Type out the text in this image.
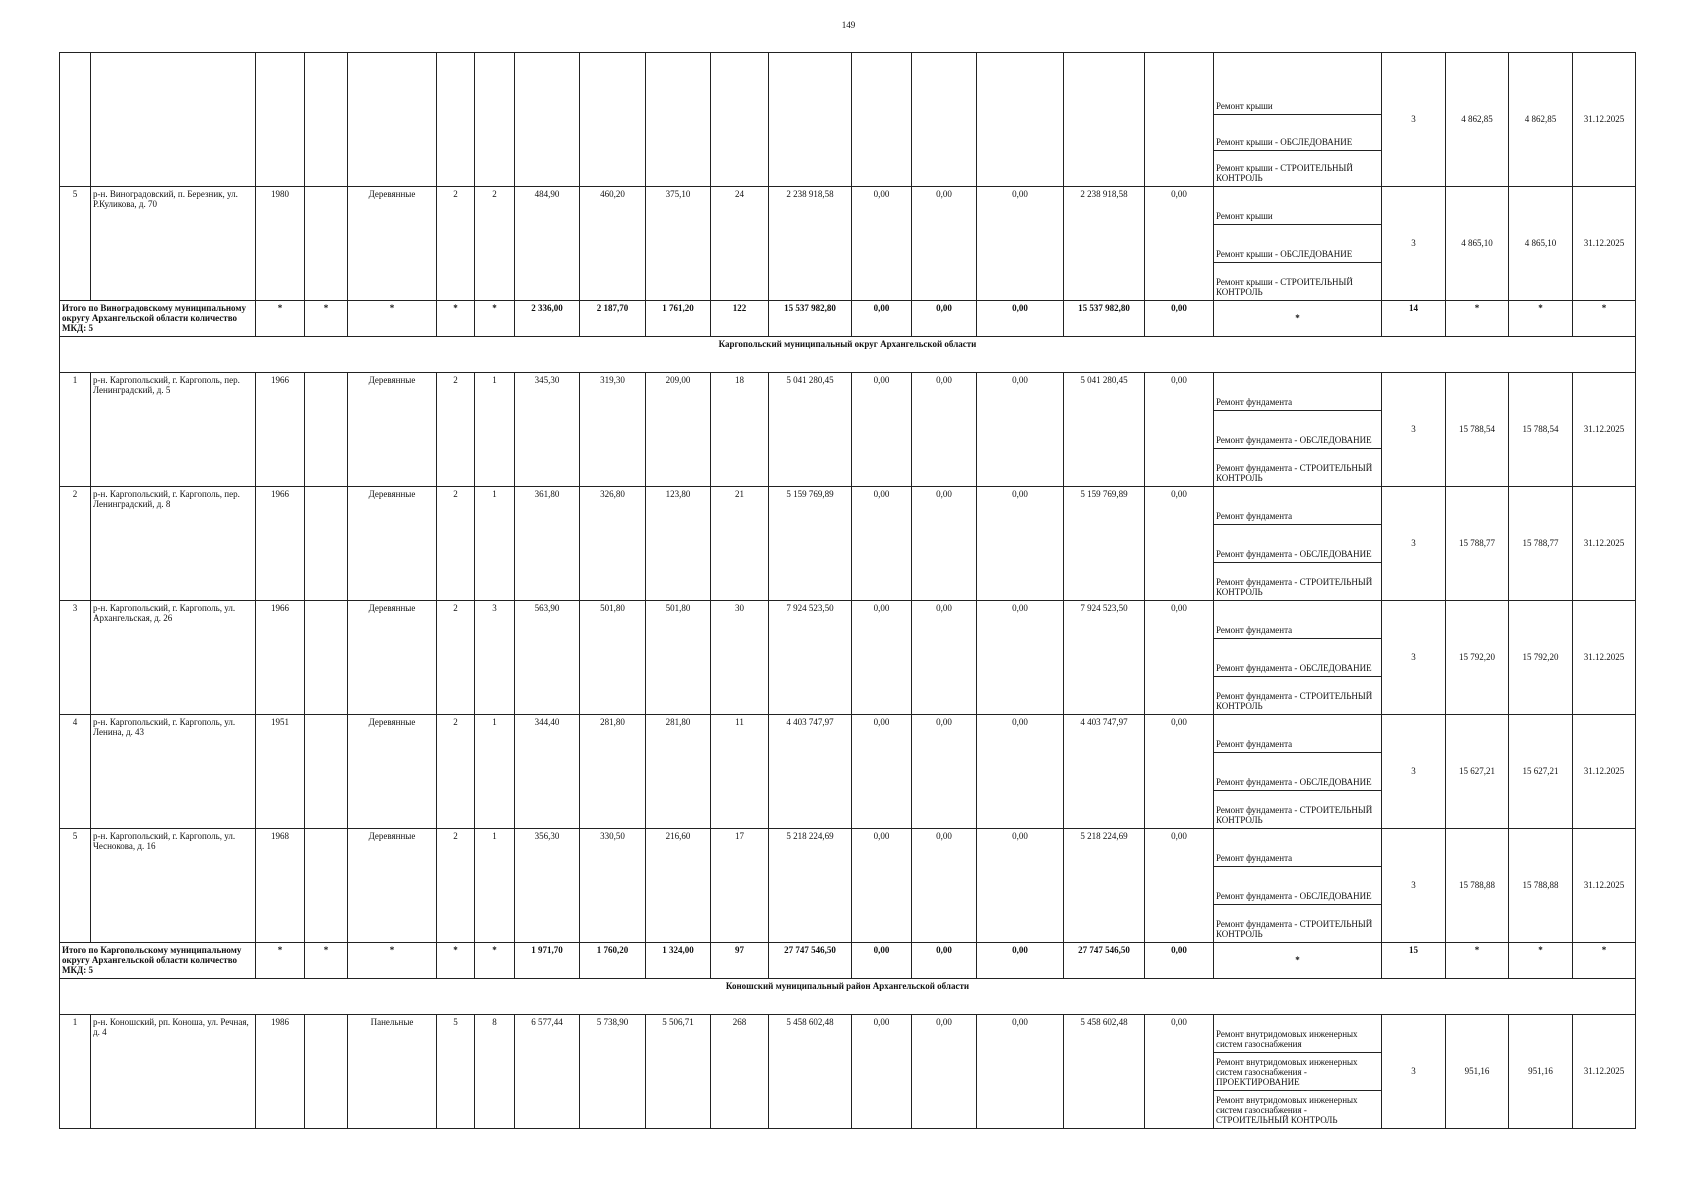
149
																	Ремонт крыши	3	4 862,85	4 862,85	31.12.2025
																	Ремонт крыши - ОБСЛЕДОВАНИЕ				
																	Ремонт крыши - СТРОИТЕЛЬНЫЙ КОНТРОЛЬ				
5	р-н. Виноградовский, п. Березник, ул. Р.Куликова, д. 70	1980		Деревянные	2	2	484,90	460,20	375,10	24	2 238 918,58	0,00	0,00	0,00	2 238 918,58	0,00	Ремонт крыши	3	4 865,10	4 865,10	31.12.2025
																	Ремонт крыши - ОБСЛЕДОВАНИЕ				
																	Ремонт крыши - СТРОИТЕЛЬНЫЙ КОНТРОЛЬ				
Итого по Виноградовскому муниципальному округу Архангельской области количество МКД: 5		*	*	*	*	*	2 336,00	2 187,70	1 761,20	122	15 537 982,80	0,00	0,00	0,00	15 537 982,80	0,00	*	14	*	*	*
Каргопольский муниципальный округ Архангельской области																					
1	р-н. Каргопольский, г. Каргополь, пер. Ленинградский, д. 5	1966		Деревянные	2	1	345,30	319,30	209,00	18	5 041 280,45	0,00	0,00	0,00	5 041 280,45	0,00	Ремонт фундамента	3	15 788,54	15 788,54	31.12.2025
																	Ремонт фундамента - ОБСЛЕДОВАНИЕ				
																	Ремонт фундамента - СТРОИТЕЛЬНЫЙ КОНТРОЛЬ				
2	р-н. Каргопольский, г. Каргополь, пер. Ленинградский, д. 8	1966		Деревянные	2	1	361,80	326,80	123,80	21	5 159 769,89	0,00	0,00	0,00	5 159 769,89	0,00	Ремонт фундамента	3	15 788,77	15 788,77	31.12.2025
																	Ремонт фундамента - ОБСЛЕДОВАНИЕ				
																	Ремонт фундамента - СТРОИТЕЛЬНЫЙ КОНТРОЛЬ				
3	р-н. Каргопольский, г. Каргополь, ул. Архангельская, д. 26	1966		Деревянные	2	3	563,90	501,80	501,80	30	7 924 523,50	0,00	0,00	0,00	7 924 523,50	0,00	Ремонт фундамента	3	15 792,20	15 792,20	31.12.2025
																	Ремонт фундамента - ОБСЛЕДОВАНИЕ				
																	Ремонт фундамента - СТРОИТЕЛЬНЫЙ КОНТРОЛЬ				
4	р-н. Каргопольский, г. Каргополь, ул. Ленина, д. 43	1951		Деревянные	2	1	344,40	281,80	281,80	11	4 403 747,97	0,00	0,00	0,00	4 403 747,97	0,00	Ремонт фундамента	3	15 627,21	15 627,21	31.12.2025
																	Ремонт фундамента - ОБСЛЕДОВАНИЕ				
																	Ремонт фундамента - СТРОИТЕЛЬНЫЙ КОНТРОЛЬ				
5	р-н. Каргопольский, г. Каргополь, ул. Чеснокова, д. 16	1968		Деревянные	2	1	356,30	330,50	216,60	17	5 218 224,69	0,00	0,00	0,00	5 218 224,69	0,00	Ремонт фундамента	3	15 788,88	15 788,88	31.12.2025
																	Ремонт фундамента - ОБСЛЕДОВАНИЕ				
																	Ремонт фундамента - СТРОИТЕЛЬНЫЙ КОНТРОЛЬ				
Итого по Каргопольскому муниципальному округу Архангельской области количество МКД: 5		*	*	*	*	*	1 971,70	1 760,20	1 324,00	97	27 747 546,50	0,00	0,00	0,00	27 747 546,50	0,00	*	15	*	*	*
Коношский муниципальный район Архангельской области																					
1	р-н. Коношский, рп. Коноша, ул. Речная, д. 4	1986		Панельные	5	8	6 577,44	5 738,90	5 506,71	268	5 458 602,48	0,00	0,00	0,00	5 458 602,48	0,00	Ремонт внутридомовых инженерных систем газоснабжения	3	951,16	951,16	31.12.2025
																	Ремонт внутридомовых инженерных систем газоснабжения - ПРОЕКТИРОВАНИЕ				
																	Ремонт внутридомовых инженерных систем газоснабжения - СТРОИТЕЛЬНЫЙ КОНТРОЛЬ				
